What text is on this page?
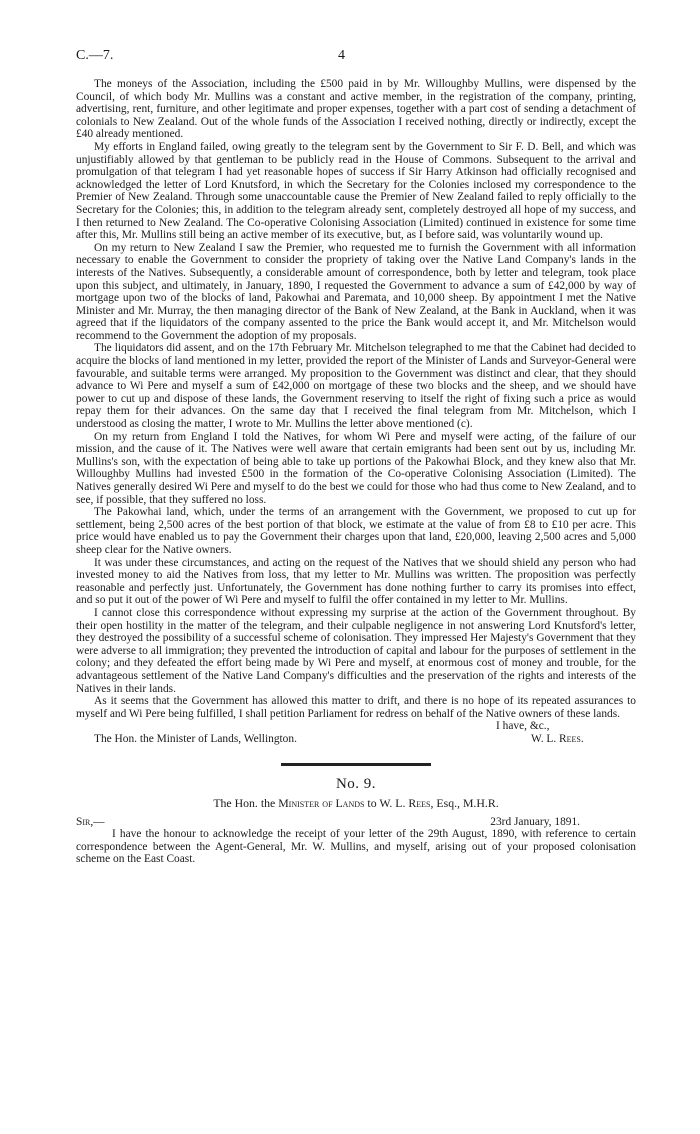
C.—7.	4

The moneys of the Association, including the £500 paid in by Mr. Willoughby Mullins, were dispensed by the Council, of which body Mr. Mullins was a constant and active member, in the registration of the company, printing, advertising, rent, furniture, and other legitimate and proper expenses, together with a part cost of sending a detachment of colonials to New Zealand. Out of the whole funds of the Association I received nothing, directly or indirectly, except the £40 already mentioned.

My efforts in England failed, owing greatly to the telegram sent by the Government to Sir F. D. Bell, and which was unjustifiably allowed by that gentleman to be publicly read in the House of Commons. Subsequent to the arrival and promulgation of that telegram I had yet reasonable hopes of success if Sir Harry Atkinson had officially recognised and acknowledged the letter of Lord Knutsford, in which the Secretary for the Colonies inclosed my correspondence to the Premier of New Zealand. Through some unaccountable cause the Premier of New Zealand failed to reply officially to the Secretary for the Colonies; this, in addition to the telegram already sent, completely destroyed all hope of my success, and I then returned to New Zealand. The Co-operative Colonising Association (Limited) continued in existence for some time after this, Mr. Mullins still being an active member of its executive, but, as I before said, was voluntarily wound up.

On my return to New Zealand I saw the Premier, who requested me to furnish the Government with all information necessary to enable the Government to consider the propriety of taking over the Native Land Company's lands in the interests of the Natives. Subsequently, a considerable amount of correspondence, both by letter and telegram, took place upon this subject, and ultimately, in January, 1890, I requested the Government to advance a sum of £42,000 by way of mortgage upon two of the blocks of land, Pakowhai and Paremata, and 10,000 sheep. By appointment I met the Native Minister and Mr. Murray, the then managing director of the Bank of New Zealand, at the Bank in Auckland, when it was agreed that if the liquidators of the company assented to the price the Bank would accept it, and Mr. Mitchelson would recommend to the Government the adoption of my proposals.

The liquidators did assent, and on the 17th February Mr. Mitchelson telegraphed to me that the Cabinet had decided to acquire the blocks of land mentioned in my letter, provided the report of the Minister of Lands and Surveyor-General were favourable, and suitable terms were arranged. My proposition to the Government was distinct and clear, that they should advance to Wi Pere and myself a sum of £42,000 on mortgage of these two blocks and the sheep, and we should have power to cut up and dispose of these lands, the Government reserving to itself the right of fixing such a price as would repay them for their advances. On the same day that I received the final telegram from Mr. Mitchelson, which I understood as closing the matter, I wrote to Mr. Mullins the letter above mentioned (c).

On my return from England I told the Natives, for whom Wi Pere and myself were acting, of the failure of our mission, and the cause of it. The Natives were well aware that certain emigrants had been sent out by us, including Mr. Mullins's son, with the expectation of being able to take up portions of the Pakowhai Block, and they knew also that Mr. Willoughby Mullins had invested £500 in the formation of the Co-operative Colonising Association (Limited). The Natives generally desired Wi Pere and myself to do the best we could for those who had thus come to New Zealand, and to see, if possible, that they suffered no loss.

The Pakowhai land, which, under the terms of an arrangement with the Government, we proposed to cut up for settlement, being 2,500 acres of the best portion of that block, we estimate at the value of from £8 to £10 per acre. This price would have enabled us to pay the Government their charges upon that land, £20,000, leaving 2,500 acres and 5,000 sheep clear for the Native owners.

It was under these circumstances, and acting on the request of the Natives that we should shield any person who had invested money to aid the Natives from loss, that my letter to Mr. Mullins was written. The proposition was perfectly reasonable and perfectly just. Unfortunately, the Government has done nothing further to carry its promises into effect, and so put it out of the power of Wi Pere and myself to fulfil the offer contained in my letter to Mr. Mullins.

I cannot close this correspondence without expressing my surprise at the action of the Government throughout. By their open hostility in the matter of the telegram, and their culpable negligence in not answering Lord Knutsford's letter, they destroyed the possibility of a successful scheme of colonisation. They impressed Her Majesty's Government that they were adverse to all immigration; they prevented the introduction of capital and labour for the purposes of settlement in the colony; and they defeated the effort being made by Wi Pere and myself, at enormous cost of money and trouble, for the advantageous settlement of the Native Land Company's difficulties and the preservation of the rights and interests of the Natives in their lands.

As it seems that the Government has allowed this matter to drift, and there is no hope of its repeated assurances to myself and Wi Pere being fulfilled, I shall petition Parliament for redress on behalf of the Native owners of these lands.

I have, &c.,
The Hon. the Minister of Lands, Wellington.	W. L. Rees.
No. 9.
The Hon. the Minister of Lands to W. L. Rees, Esq., M.H.R.
Sir,—	23rd January, 1891.

I have the honour to acknowledge the receipt of your letter of the 29th August, 1890, with reference to certain correspondence between the Agent-General, Mr. W. Mullins, and myself, arising out of your proposed colonisation scheme on the East Coast.
